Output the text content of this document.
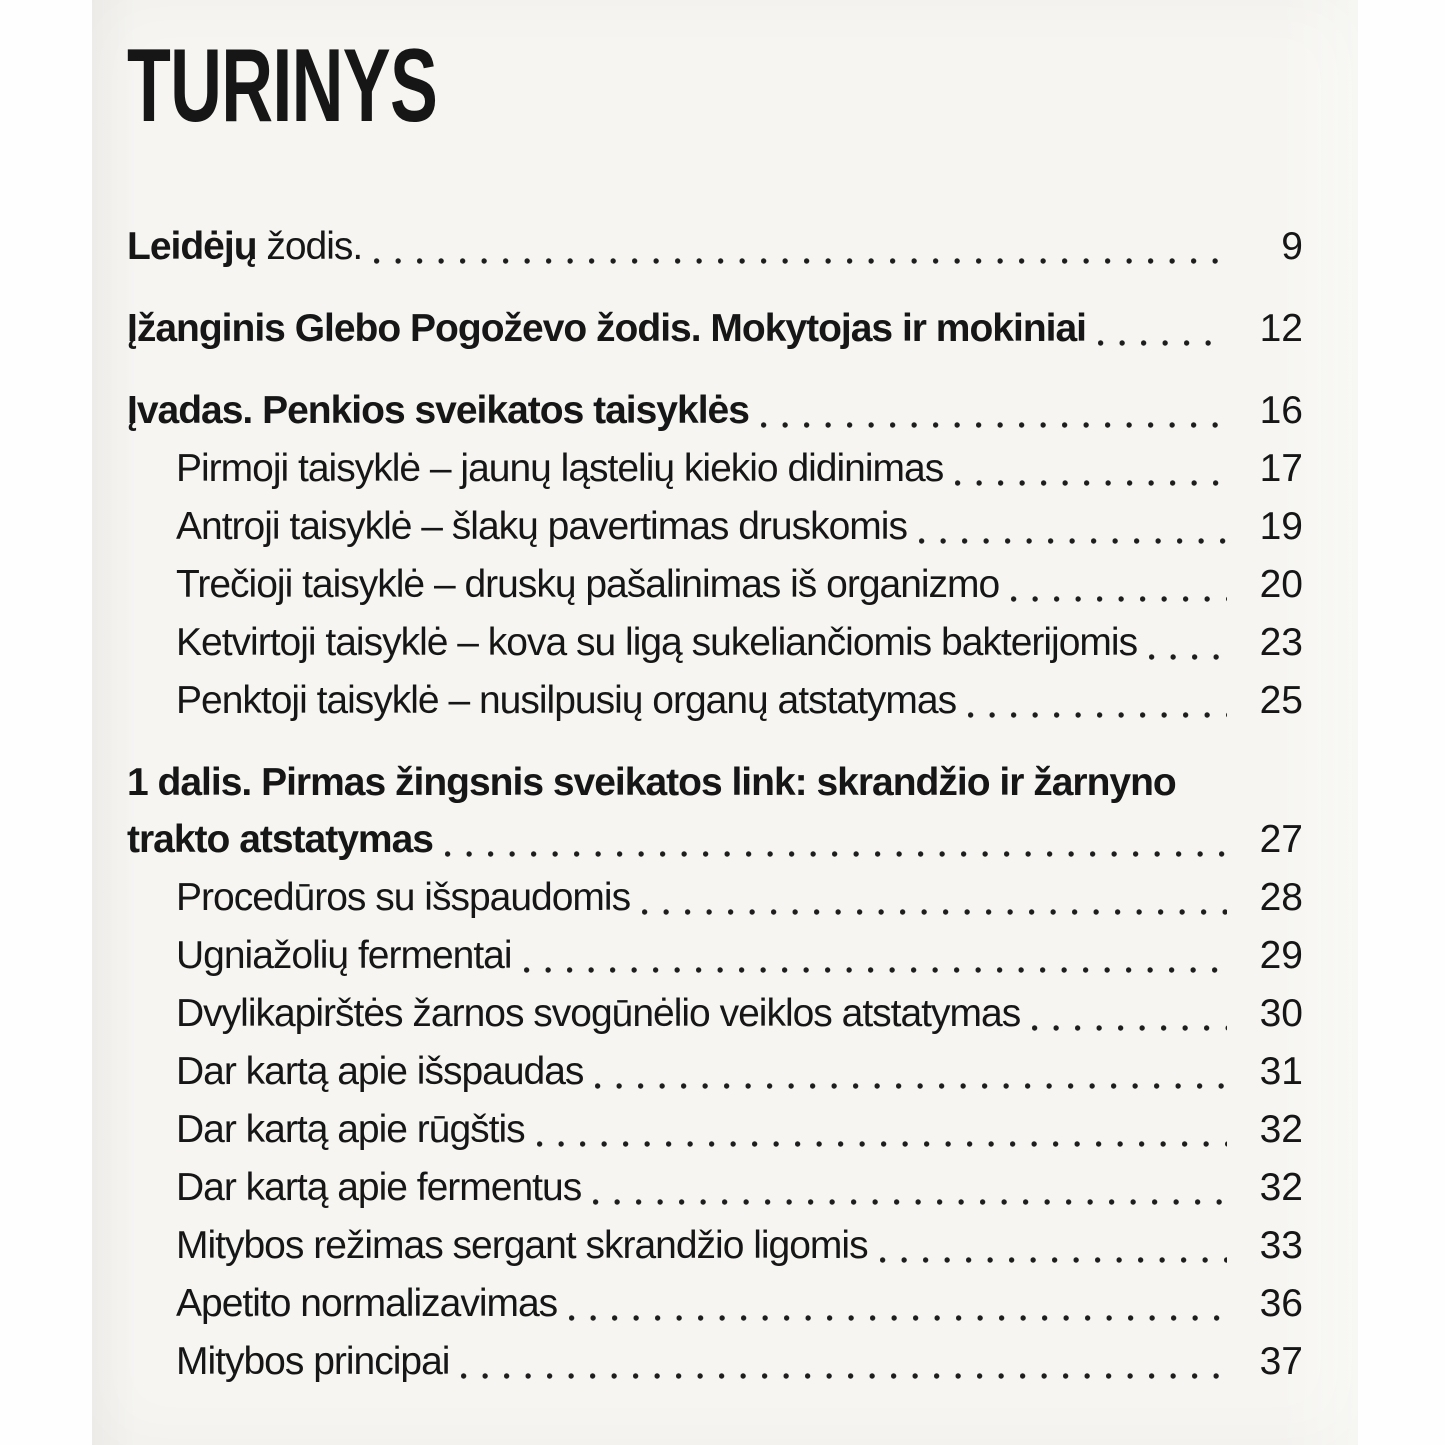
TURINYS
Leidėjų žodis.	9
Įžanginis Glebo Pogoževo žodis. Mokytojas ir mokiniai	12
Įvadas. Penkios sveikatos taisyklės	16
Pirmoji taisyklė – jaunų ląstelių kiekio didinimas	17
Antroji taisyklė – šlakų pavertimas druskomis	19
Trečioji taisyklė – druskų pašalinimas iš organizmo	20
Ketvirtoji taisyklė – kova su ligą sukeliančiomis bakterijomis	23
Penktoji taisyklė – nusilpusių organų atstatymas	25
1 dalis. Pirmas žingsnis sveikatos link: skrandžio ir žarnyno
trakto atstatymas	27
Procedūros su išspaudomis	28
Ugniažolių fermentai	29
Dvylikapirštės žarnos svogūnėlio veiklos atstatymas	30
Dar kartą apie išspaudas	31
Dar kartą apie rūgštis	32
Dar kartą apie fermentus	32
Mitybos režimas sergant skrandžio ligomis	33
Apetito normalizavimas	36
Mitybos principai	37
